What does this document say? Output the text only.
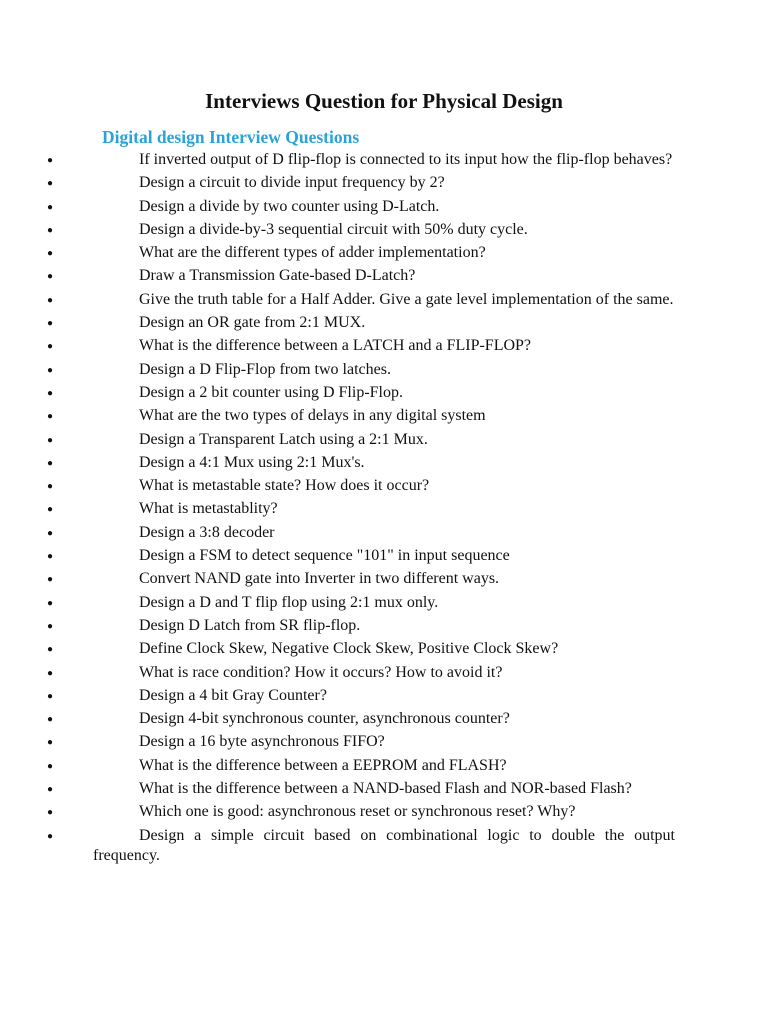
Interviews Question for Physical Design
Digital design Interview Questions
●	If inverted output of D flip-flop is connected to its input how the flip-flop behaves?
●	Design a circuit to divide input frequency by 2?
●	Design a divide by two counter using D-Latch.
●	Design a divide-by-3 sequential circuit with 50% duty cycle.
●	What are the different types of adder implementation?
●	Draw a Transmission Gate-based D-Latch?
●	Give the truth table for a Half Adder. Give a gate level implementation of the same.
●	Design an OR gate from 2:1 MUX.
●	What is the difference between a LATCH and a FLIP-FLOP?
●	Design a D Flip-Flop from two latches.
●	Design a 2 bit counter using D Flip-Flop.
●	What are the two types of delays in any digital system
●	Design a Transparent Latch using a 2:1 Mux.
●	Design a 4:1 Mux using 2:1 Mux's.
●	What is metastable state? How does it occur?
●	What is metastablity?
●	Design a 3:8 decoder
●	Design a FSM to detect sequence "101" in input sequence
●	Convert NAND gate into Inverter in two different ways.
●	Design a D and T flip flop using 2:1 mux only.
●	Design D Latch from SR flip-flop.
●	Define Clock Skew, Negative Clock Skew, Positive Clock Skew?
●	What is race condition? How it occurs? How to avoid it?
●	Design a 4 bit Gray Counter?
●	Design 4-bit synchronous counter, asynchronous counter?
●	Design a 16 byte asynchronous FIFO?
●	What is the difference between a EEPROM and FLASH?
●	What is the difference between a NAND-based Flash and NOR-based Flash?
●	Which one is good: asynchronous reset or synchronous reset? Why?
●	Design a simple circuit based on combinational logic to double the output frequency.
